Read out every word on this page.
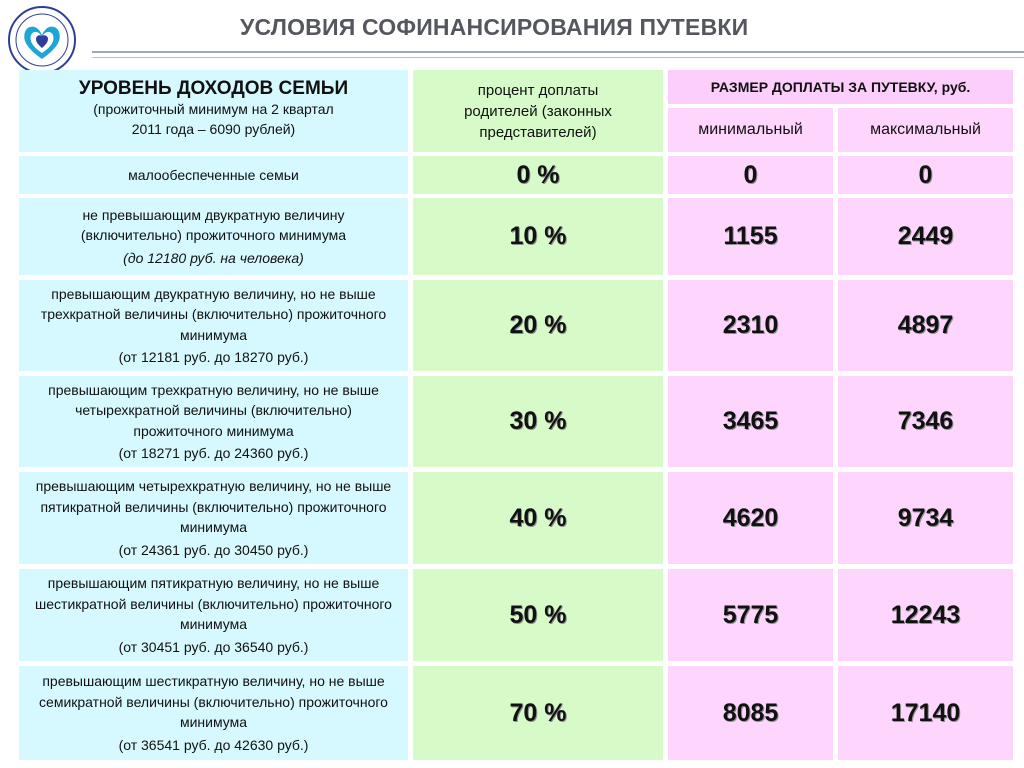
УСЛОВИЯ СОФИНАНСИРОВАНИЯ ПУТЕВКИ
УРОВЕНЬ ДОХОДОВ СЕМЬИ
(прожиточный минимум на 2 квартал 2011 года – 6090 рублей)
процент доплаты родителей (законных представителей)
РАЗМЕР ДОПЛАТЫ ЗА ПУТЕВКУ, руб.
минимальный	максимальный
малообеспеченные семьи	0 %	0	0
не превышающим двукратную величину (включительно) прожиточного минимума
(до 12180 руб. на человека)
10 %	1155	2449
превышающим двукратную величину, но не выше трехкратной величины (включительно) прожиточного минимума
(от 12181 руб. до 18270 руб.)
20 %	2310	4897
превышающим трехкратную величину, но не выше четырехкратной величины (включительно) прожиточного минимума
(от 18271 руб. до 24360 руб.)
30 %	3465	7346
превышающим четырехкратную величину, но не выше пятикратной величины (включительно) прожиточного минимума
(от 24361 руб. до 30450 руб.)
40 %	4620	9734
превышающим пятикратную величину, но не выше шестикратной величины (включительно) прожиточного минимума
(от 30451 руб. до 36540 руб.)
50 %	5775	12243
превышающим шестикратную величину, но не выше семикратной величины (включительно) прожиточного минимума
(от 36541 руб. до 42630 руб.)
70 %	8085	17140
